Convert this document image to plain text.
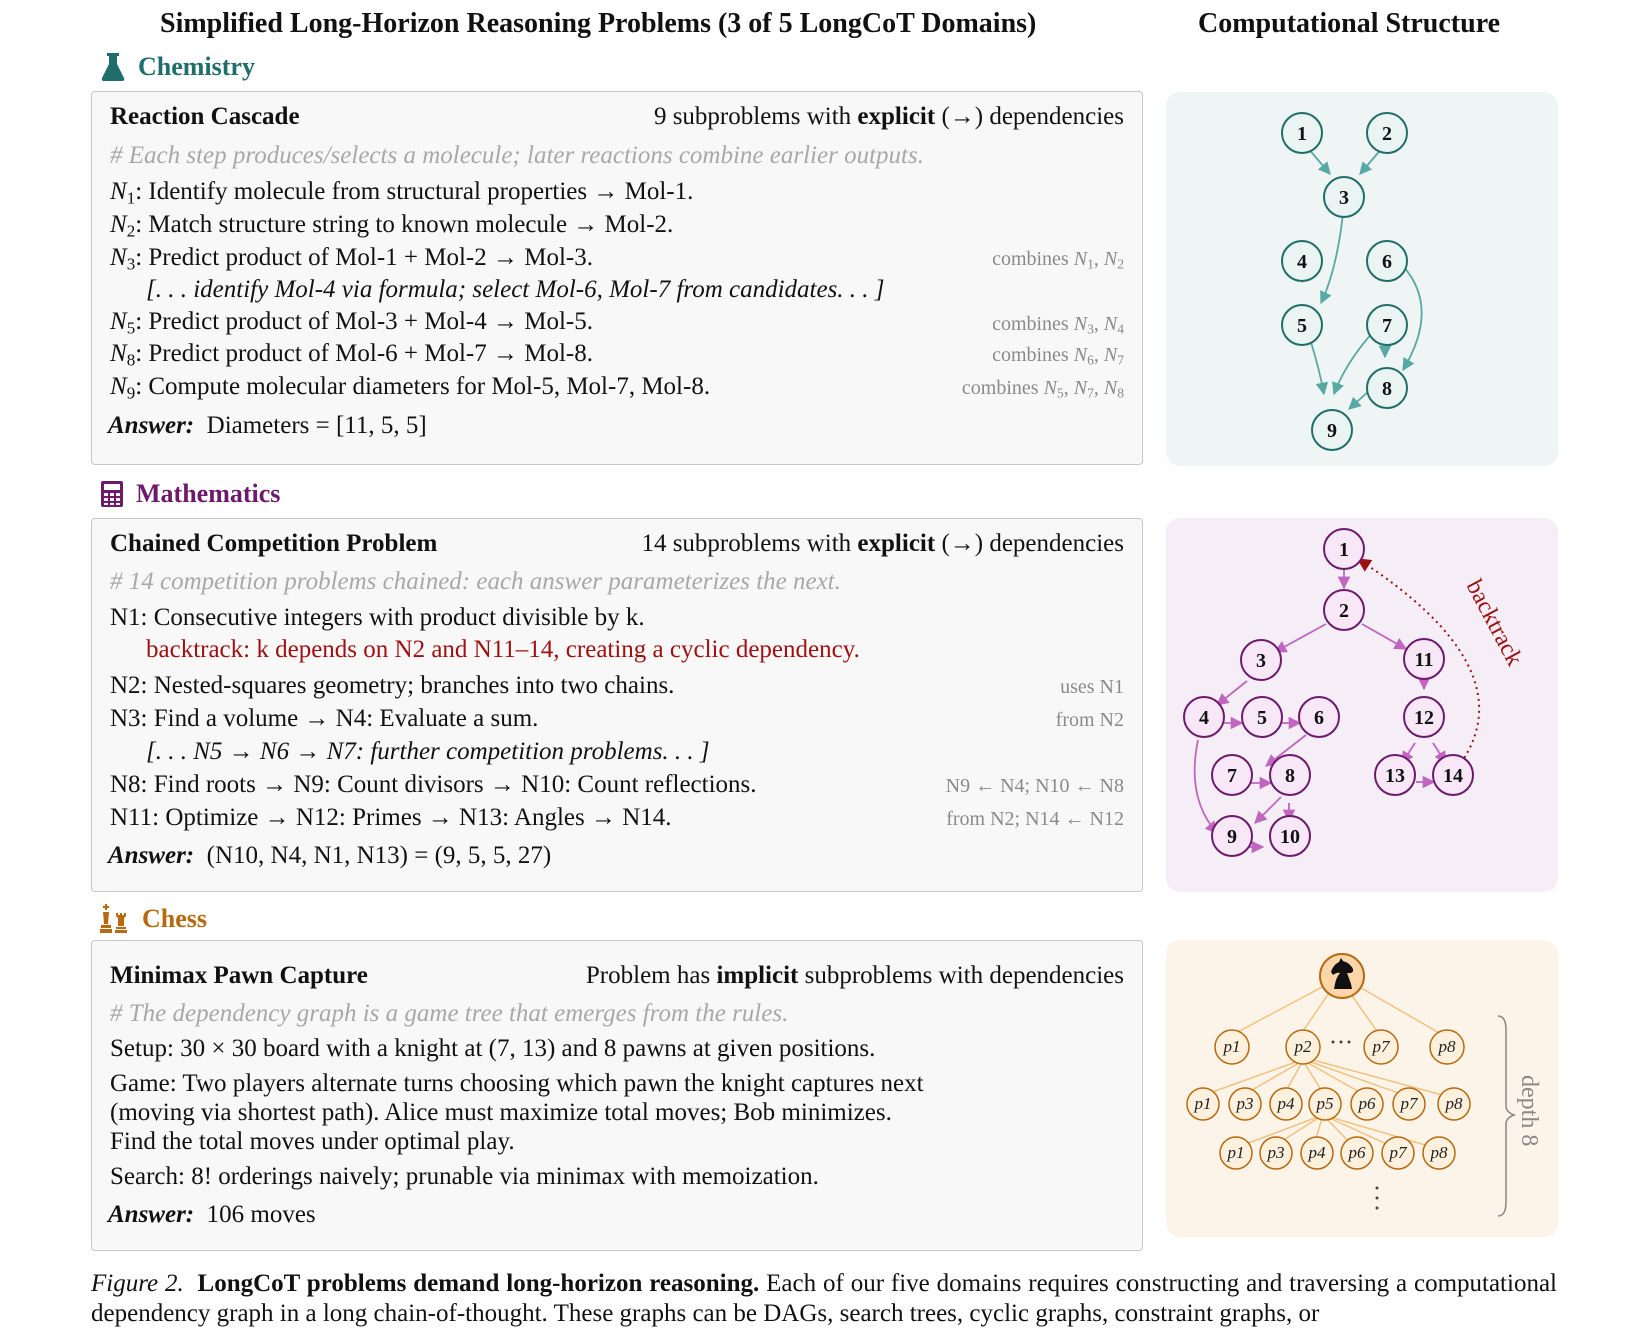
Simplified Long-Horizon Reasoning Problems (3 of 5 LongCoT Domains)	Computational Structure
Chemistry
Reaction Cascade	9 subproblems with explicit (→) dependencies
# Each step produces/selects a molecule; later reactions combine earlier outputs.
$N_1$: Identify molecule from structural properties → Mol-1.
$N_2$: Match structure string to known molecule → Mol-2.
$N_3$: Predict product of Mol-1 + Mol-2 → Mol-3.	combines $N_1$, $N_2$
[. . . identify Mol-4 via formula; select Mol-6, Mol-7 from candidates. . . ]
$N_5$: Predict product of Mol-3 + Mol-4 → Mol-5.	combines $N_3$, $N_4$
$N_8$: Predict product of Mol-6 + Mol-7 → Mol-8.	combines $N_6$, $N_7$
$N_9$: Compute molecular diameters for Mol-5, Mol-7, Mol-8.	combines $N_5$, $N_7$, $N_8$
Answer: Diameters = [11, 5, 5]
1	2
3
4	6
5	7
8
9
Mathematics
Chained Competition Problem	14 subproblems with explicit (→) dependencies
# 14 competition problems chained: each answer parameterizes the next.
N1: Consecutive integers with product divisible by k.
backtrack: k depends on N2 and N11–14, creating a cyclic dependency.
N2: Nested-squares geometry; branches into two chains.	uses N1
N3: Find a volume → N4: Evaluate a sum.	from N2
[. . . N5 → N6 → N7: further competition problems. . . ]
N8: Find roots → N9: Count divisors → N10: Count reflections.	N9 ← N4; N10 ← N8
N11: Optimize → N12: Primes → N13: Angles → N14.	from N2; N14 ← N12
Answer: (N10, N4, N1, N13) = (9, 5, 5, 27)
backtrack
1
2
3	11
4 5 6	12
7 8	13 14
9 10
Chess
Minimax Pawn Capture	Problem has implicit subproblems with dependencies
# The dependency graph is a game tree that emerges from the rules.
Setup: 30 × 30 board with a knight at (7, 13) and 8 pawns at given positions.
Game: Two players alternate turns choosing which pawn the knight captures next
(moving via shortest path). Alice must maximize total moves; Bob minimizes.
Find the total moves under optimal play.
Search: 8! orderings naively; prunable via minimax with memoization.
Answer: 106 moves
p1	p2	p7	p8
p1 p3 p4 p5 p6 p7 p8
p1 p3 p4 p6 p7 p8
depth 8
Figure 2. LongCoT problems demand long-horizon reasoning. Each of our five domains requires constructing and traversing a computational dependency graph in a long chain-of-thought. These graphs can be DAGs, search trees, cyclic graphs, constraint graphs, or
